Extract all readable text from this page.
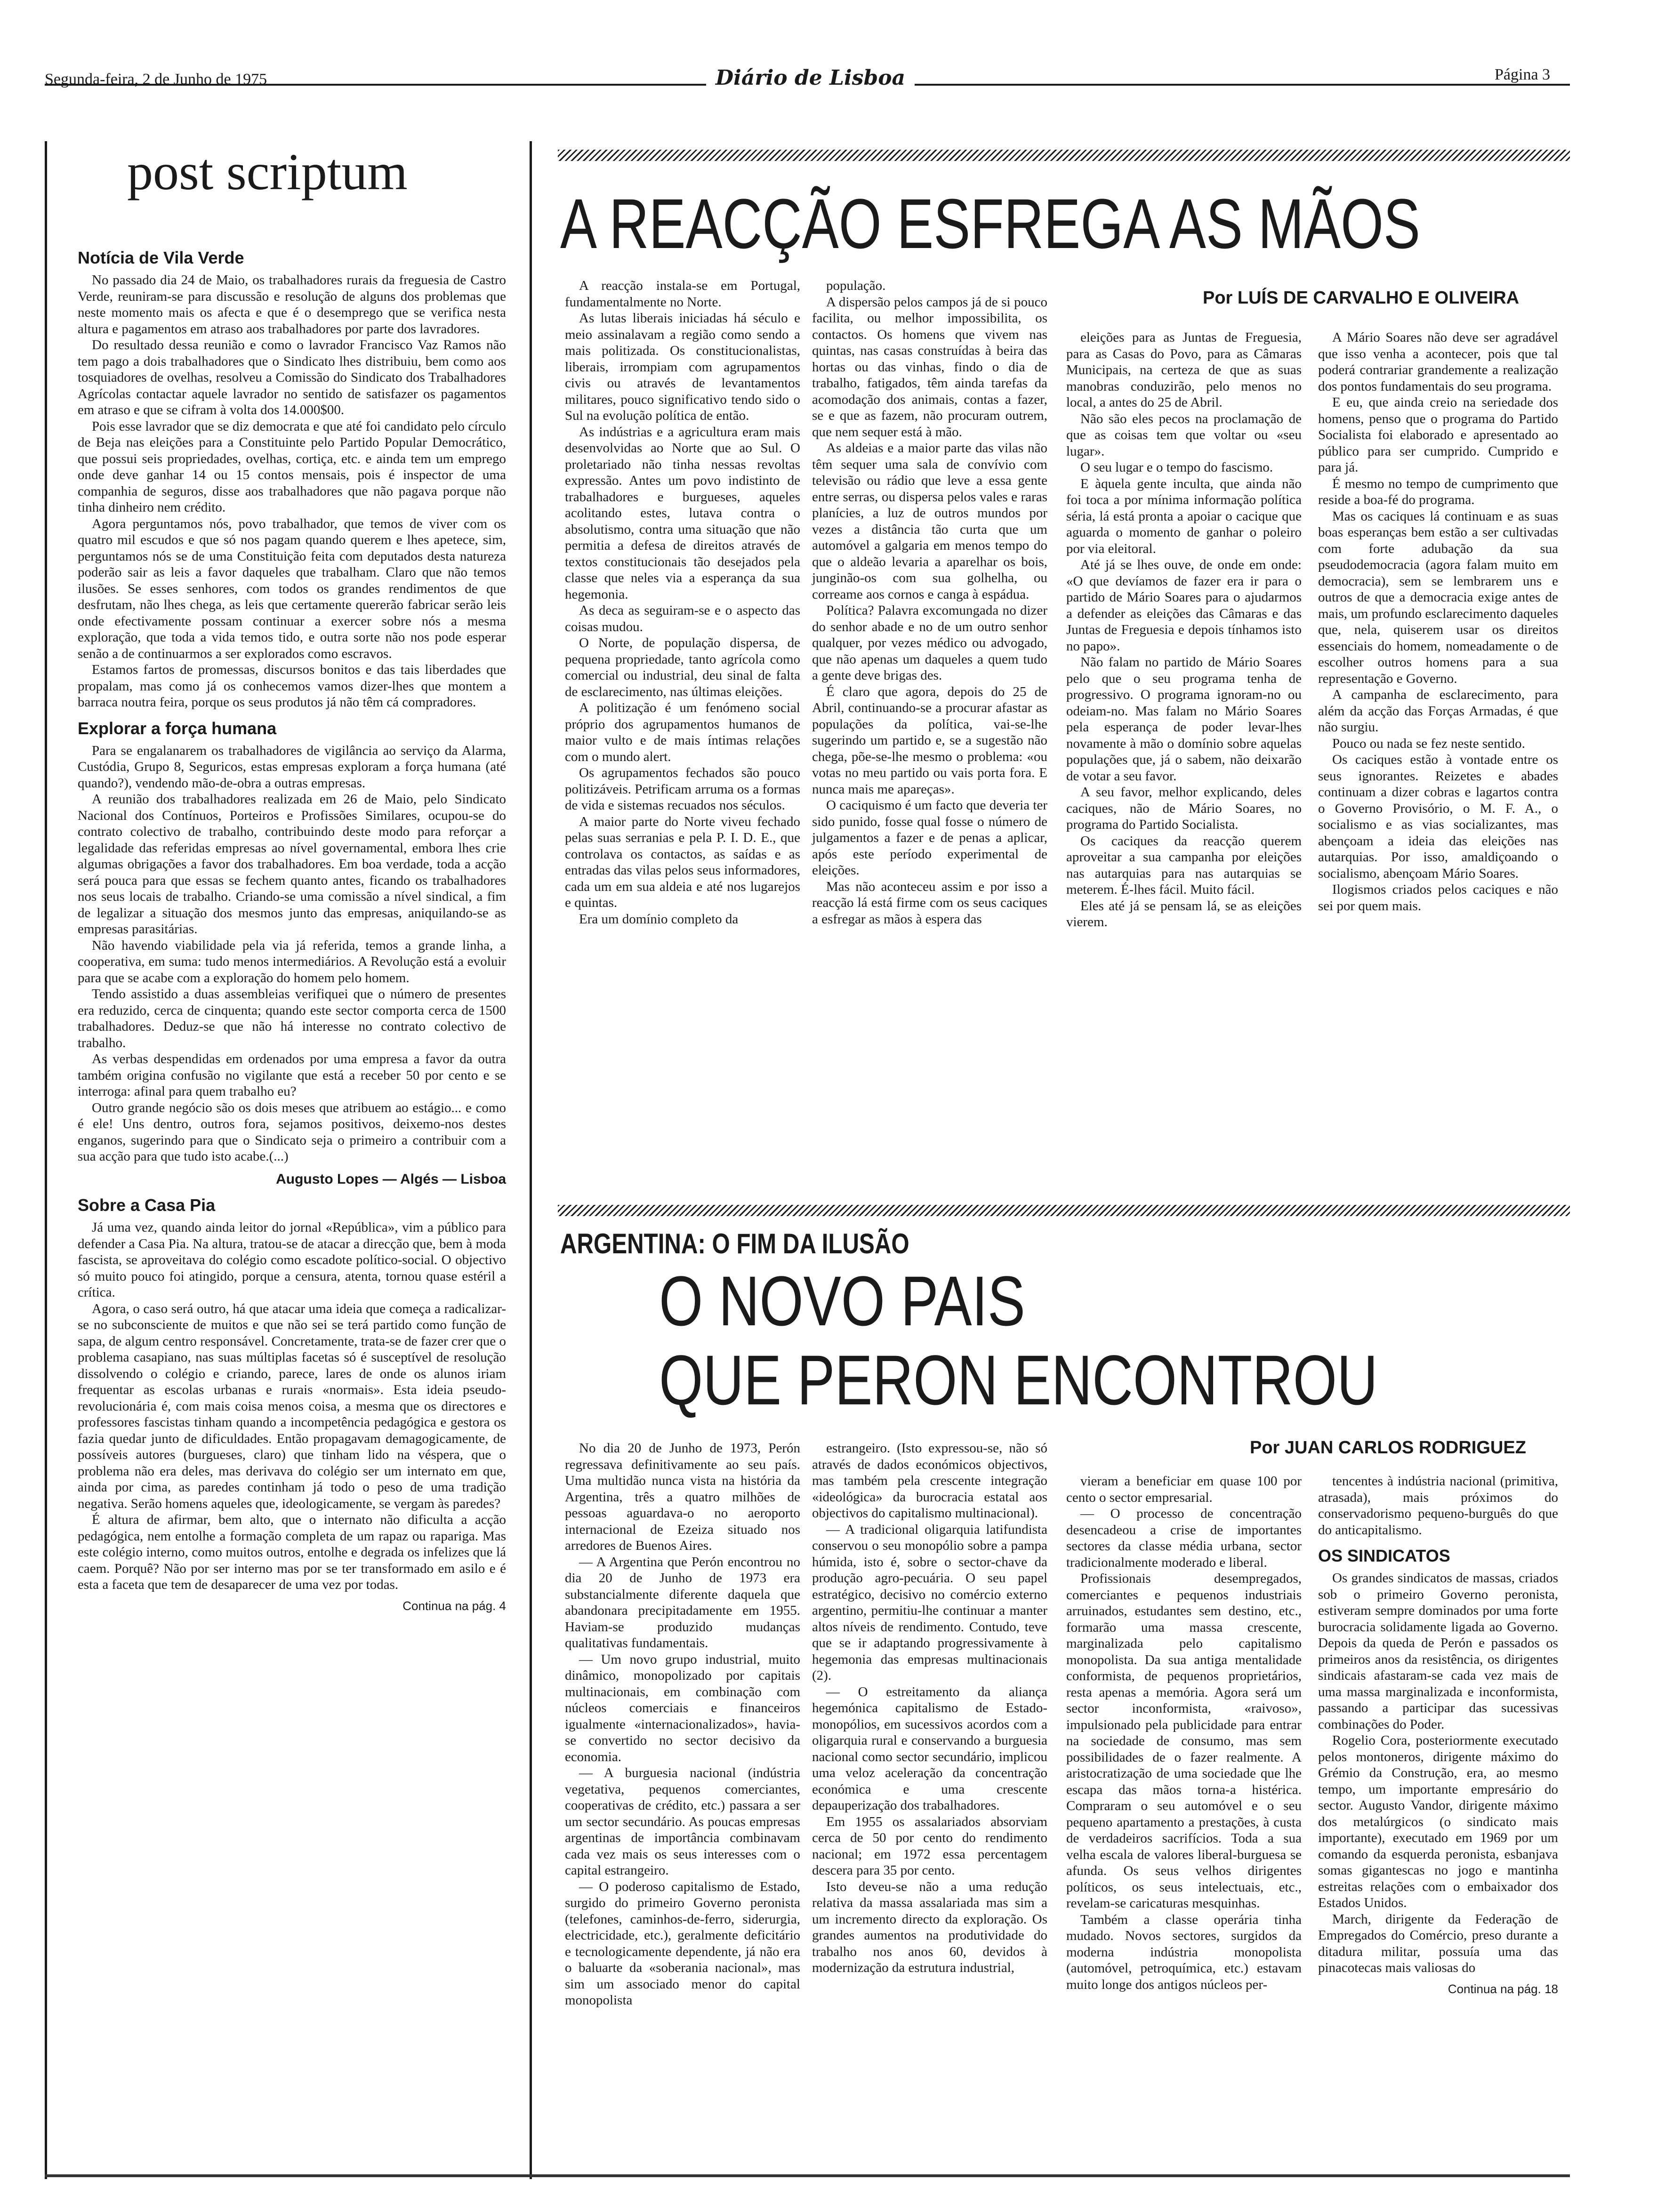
Segunda-feira, 2 de Junho de 1975	Diário de Lisboa	Página 3
post scriptum
Notícia de Vila Verde

No passado dia 24 de Maio, os trabalhadores rurais da freguesia de Castro Verde, reuniram-se para discussão e resolução de alguns dos problemas que neste momento mais os afecta e que é o desemprego que se verifica nesta altura e pagamentos em atraso aos trabalhadores por parte dos lavradores.

Do resultado dessa reunião e como o lavrador Francisco Vaz Ramos não tem pago a dois trabalhadores que o Sindicato lhes distribuiu, bem como aos tosquiadores de ovelhas, resolveu a Comissão do Sindicato dos Trabalhadores Agrícolas contactar aquele lavrador no sentido de satisfazer os pagamentos em atraso e que se cifram à volta dos 14.000$00.

Pois esse lavrador que se diz democrata e que até foi candidato pelo círculo de Beja nas eleições para a Constituinte pelo Partido Popular Democrático, que possui seis propriedades, ovelhas, cortiça, etc. e ainda tem um emprego onde deve ganhar 14 ou 15 contos mensais, pois é inspector de uma companhia de seguros, disse aos trabalhadores que não pagava porque não tinha dinheiro nem crédito.

Agora perguntamos nós, povo trabalhador, que temos de viver com os quatro mil escudos e que só nos pagam quando querem e lhes apetece, sim, perguntamos nós se de uma Constituição feita com deputados desta natureza poderão sair as leis a favor daqueles que trabalham. Claro que não temos ilusões. Se esses senhores, com todos os grandes rendimentos de que desfrutam, não lhes chega, as leis que certamente quererão fabricar serão leis onde efectivamente possam continuar a exercer sobre nós a mesma exploração, que toda a vida temos tido, e outra sorte não nos pode esperar senão a de continuarmos a ser explorados como escravos.

Estamos fartos de promessas, discursos bonitos e das tais liberdades que propalam, mas como já os conhecemos vamos dizer-lhes que montem a barraca noutra feira, porque os seus produtos já não têm cá compradores.

Explorar a força humana

Para se engalanarem os trabalhadores de vigilância ao serviço da Alarma, Custódia, Grupo 8, Seguricos, estas empresas exploram a força humana (até quando?), vendendo mão-de-obra a outras empresas.

A reunião dos trabalhadores realizada em 26 de Maio, pelo Sindicato Nacional dos Contínuos, Porteiros e Profissões Similares, ocupou-se do contrato colectivo de trabalho, contribuindo deste modo para reforçar a legalidade das referidas empresas ao nível governamental, embora lhes crie algumas obrigações a favor dos trabalhadores. Em boa verdade, toda a acção será pouca para que essas se fechem quanto antes, ficando os trabalhadores nos seus locais de trabalho. Criando-se uma comissão a nível sindical, a fim de legalizar a situação dos mesmos junto das empresas, aniquilando-se as empresas parasitárias.

Não havendo viabilidade pela via já referida, temos a grande linha, a cooperativa, em suma: tudo menos intermediários. A Revolução está a evoluir para que se acabe com a exploração do homem pelo homem.

Tendo assistido a duas assembleias verifiquei que o número de presentes era reduzido, cerca de cinquenta; quando este sector comporta cerca de 1500 trabalhadores. Deduz-se que não há interesse no contrato colectivo de trabalho.

As verbas despendidas em ordenados por uma empresa a favor da outra também origina confusão no vigilante que está a receber 50 por cento e se interroga: afinal para quem trabalho eu?

Outro grande negócio são os dois meses que atribuem ao estágio... e como é ele! Uns dentro, outros fora, sejamos positivos, deixemo-nos destes enganos, sugerindo para que o Sindicato seja o primeiro a contribuir com a sua acção para que tudo isto acabe.(...)

Augusto Lopes — Algés — Lisboa
Sobre a Casa Pia

Já uma vez, quando ainda leitor do jornal «República», vim a público para defender a Casa Pia. Na altura, tratou-se de atacar a direcção que, bem à moda fascista, se aproveitava do colégio como escadote político-social. O objectivo só muito pouco foi atingido, porque a censura, atenta, tornou quase estéril a crítica.

Agora, o caso será outro, há que atacar uma ideia que começa a radicalizar-se no subconsciente de muitos e que não sei se terá partido como função de sapa, de algum centro responsável. Concretamente, trata-se de fazer crer que o problema casapiano, nas suas múltiplas facetas só é susceptível de resolução dissolvendo o colégio e criando, parece, lares de onde os alunos iriam frequentar as escolas urbanas e rurais «normais». Esta ideia pseudo-revolucionária é, com mais coisa menos coisa, a mesma que os directores e professores fascistas tinham quando a incompetência pedagógica e gestora os fazia quedar junto de dificuldades. Então propagavam demagogicamente, de possíveis autores (burgueses, claro) que tinham lido na véspera, que o problema não era deles, mas derivava do colégio ser um internato em que, ainda por cima, as paredes continham já todo o peso de uma tradição negativa. Serão homens aqueles que, ideologicamente, se vergam às paredes?

É altura de afirmar, bem alto, que o internato não dificulta a acção pedagógica, nem entolhe a formação completa de um rapaz ou rapariga. Mas este colégio interno, como muitos outros, entolhe e degrada os infelizes que lá caem. Porquê? Não por ser interno mas por se ter transformado em asilo e é esta a faceta que tem de desaparecer de uma vez por todas.

Continua na pág. 4
A REACÇÃO ESFREGA AS MÃOS
Por LUÍS DE CARVALHO E OLIVEIRA

A reacção instala-se em Portugal, fundamentalmente no Norte.

As lutas liberais iniciadas há século e meio assinalavam a região como sendo a mais politizada. Os constitucionalistas, liberais, irrompiam com agrupamentos civis ou através de levantamentos militares, pouco significativo tendo sido o Sul na evolução política de então.

As indústrias e a agricultura eram mais desenvolvidas ao Norte que ao Sul. O proletariado não tinha nessas revoltas expressão. Antes um povo indistinto de trabalhadores e burgueses, aqueles acolitando estes, lutava contra o absolutismo, contra uma situação que não permitia a defesa de direitos através de textos constitucionais tão desejados pela classe que neles via a esperança da sua hegemonia.

As deca as seguiram-se e o aspecto das coisas mudou.

O Norte, de população dispersa, de pequena propriedade, tanto agrícola como comercial ou industrial, deu sinal de falta de esclarecimento, nas últimas eleições.

A politização é um fenómeno social próprio dos agrupamentos humanos de maior vulto e de mais íntimas relações com o mundo alert.

Os agrupamentos fechados são pouco politizáveis. Petrificam arruma os a formas de vida e sistemas recuados nos séculos.

A maior parte do Norte viveu fechado pelas suas serranias e pela P. I. D. E., que controlava os contactos, as saídas e as entradas das vilas pelos seus informadores, cada um em sua aldeia e até nos lugarejos e quintas.

Era um domínio completo da

população.

A dispersão pelos campos já de si pouco facilita, ou melhor impossibilita, os contactos. Os homens que vivem nas quintas, nas casas construídas à beira das hortas ou das vinhas, findo o dia de trabalho, fatigados, têm ainda tarefas da acomodação dos animais, contas a fazer, se e que as fazem, não procuram outrem, que nem sequer está à mão.

As aldeias e a maior parte das vilas não têm sequer uma sala de convívio com televisão ou rádio que leve a essa gente entre serras, ou dispersa pelos vales e raras planícies, a luz de outros mundos por vezes a distância tão curta que um automóvel a galgaria em menos tempo do que o aldeão levaria a aparelhar os bois, junginão-os com sua golhelha, ou correame aos cornos e canga à espádua.

Política? Palavra excomungada no dizer do senhor abade e no de um outro senhor qualquer, por vezes médico ou advogado, que não apenas um daqueles a quem tudo a gente deve brigas des.

É claro que agora, depois do 25 de Abril, continuando-se a procurar afastar as populações da política, vai-se-lhe sugerindo um partido e, se a sugestão não chega, põe-se-lhe mesmo o problema: «ou votas no meu partido ou vais porta fora. E nunca mais me apareças».

O caciquismo é um facto que deveria ter sido punido, fosse qual fosse o número de julgamentos a fazer e de penas a aplicar, após este período experimental de eleições.

Mas não aconteceu assim e por isso a reacção lá está firme com os seus caciques a esfregar as mãos à espera das

eleições para as Juntas de Freguesia, para as Casas do Povo, para as Câmaras Municipais, na certeza de que as suas manobras conduzirão, pelo menos no local, a antes do 25 de Abril.

Não são eles pecos na proclamação de que as coisas tem que voltar ou «seu lugar».

O seu lugar e o tempo do fascismo.

E àquela gente inculta, que ainda não foi toca a por mínima informação política séria, lá está pronta a apoiar o cacique que aguarda o momento de ganhar o poleiro por via eleitoral.

Até já se lhes ouve, de onde em onde: «O que devíamos de fazer era ir para o partido de Mário Soares para o ajudarmos a defender as eleições das Câmaras e das Juntas de Freguesia e depois tínhamos isto no papo».

Não falam no partido de Mário Soares pelo que o seu programa tenha de progressivo. O programa ignoram-no ou odeiam-no. Mas falam no Mário Soares pela esperança de poder levar-lhes novamente à mão o domínio sobre aquelas populações que, já o sabem, não deixarão de votar a seu favor.

A seu favor, melhor explicando, deles caciques, não de Mário Soares, no programa do Partido Socialista.

Os caciques da reacção querem aproveitar a sua campanha por eleições nas autarquias para nas autarquias se meterem. É-lhes fácil. Muito fácil.

Eles até já se pensam lá, se as eleições vierem.

A Mário Soares não deve ser agradável que isso venha a acontecer, pois que tal poderá contrariar grandemente a realização dos pontos fundamentais do seu programa.

E eu, que ainda creio na seriedade dos homens, penso que o programa do Partido Socialista foi elaborado e apresentado ao público para ser cumprido. Cumprido e para já.

É mesmo no tempo de cumprimento que reside a boa-fé do programa.

Mas os caciques lá continuam e as suas boas esperanças bem estão a ser cultivadas com forte adubação da sua pseudodemocracia (agora falam muito em democracia), sem se lembrarem uns e outros de que a democracia exige antes de mais, um profundo esclarecimento daqueles que, nela, quiserem usar os direitos essenciais do homem, nomeadamente o de escolher outros homens para a sua representação e Governo.

A campanha de esclarecimento, para além da acção das Forças Armadas, é que não surgiu.

Pouco ou nada se fez neste sentido.

Os caciques estão à vontade entre os seus ignorantes. Reizetes e abades continuam a dizer cobras e lagartos contra o Governo Provisório, o M. F. A., o socialismo e as vias socializantes, mas abençoam a ideia das eleições nas autarquias. Por isso, amaldiçoando o socialismo, abençoam Mário Soares.

Ilogismos criados pelos caciques e não sei por quem mais.

ARGENTINA: O FIM DA ILUSÃO
O NOVO PAIS
QUE PERON ENCONTROU
Por JUAN CARLOS RODRIGUEZ

No dia 20 de Junho de 1973, Perón regressava definitivamente ao seu país. Uma multidão nunca vista na história da Argentina, três a quatro milhões de pessoas aguardava-o no aeroporto internacional de Ezeiza situado nos arredores de Buenos Aires.

— A Argentina que Perón encontrou no dia 20 de Junho de 1973 era substancialmente diferente daquela que abandonara precipitadamente em 1955. Haviam-se produzido mudanças qualitativas fundamentais.

— Um novo grupo industrial, muito dinâmico, monopolizado por capitais multinacionais, em combinação com núcleos comerciais e financeiros igualmente «internacionalizados», havia-se convertido no sector decisivo da economia.

— A burguesia nacional (indústria vegetativa, pequenos comerciantes, cooperativas de crédito, etc.) passara a ser um sector secundário. As poucas empresas argentinas de importância combinavam cada vez mais os seus interesses com o capital estrangeiro.

— O poderoso capitalismo de Estado, surgido do primeiro Governo peronista (telefones, caminhos-de-ferro, siderurgia, electricidade, etc.), geralmente deficitário e tecnologicamente dependente, já não era o baluarte da «soberania nacional», mas sim um associado menor do capital monopolista

estrangeiro. (Isto expressou-se, não só através de dados económicos objectivos, mas também pela crescente integração «ideológica» da burocracia estatal aos objectivos do capitalismo multinacional).

— A tradicional oligarquia latifundista conservou o seu monopólio sobre a pampa húmida, isto é, sobre o sector-chave da produção agro-pecuária. O seu papel estratégico, decisivo no comércio externo argentino, permitiu-lhe continuar a manter altos níveis de rendimento. Contudo, teve que se ir adaptando progressivamente à hegemonia das empresas multinacionais (2).

— O estreitamento da aliança hegemónica capitalismo de Estado-monopólios, em sucessivos acordos com a oligarquia rural e conservando a burguesia nacional como sector secundário, implicou uma veloz aceleração da concentração económica e uma crescente depauperização dos trabalhadores.

Em 1955 os assalariados absorviam cerca de 50 por cento do rendimento nacional; em 1972 essa percentagem descera para 35 por cento.

Isto deveu-se não a uma redução relativa da massa assalariada mas sim a um incremento directo da exploração. Os grandes aumentos na produtividade do trabalho nos anos 60, devidos à modernização da estrutura industrial,

vieram a beneficiar em quase 100 por cento o sector empresarial.

— O processo de concentração desencadeou a crise de importantes sectores da classe média urbana, sector tradicionalmente moderado e liberal.

Profissionais desempregados, comerciantes e pequenos industriais arruinados, estudantes sem destino, etc., formarão uma massa crescente, marginalizada pelo capitalismo monopolista. Da sua antiga mentalidade conformista, de pequenos proprietários, resta apenas a memória. Agora será um sector inconformista, «raivoso», impulsionado pela publicidade para entrar na sociedade de consumo, mas sem possibilidades de o fazer realmente. A aristocratização de uma sociedade que lhe escapa das mãos torna-a histérica. Compraram o seu automóvel e o seu pequeno apartamento a prestações, à custa de verdadeiros sacrifícios. Toda a sua velha escala de valores liberal-burguesa se afunda. Os seus velhos dirigentes políticos, os seus intelectuais, etc., revelam-se caricaturas mesquinhas.

Também a classe operária tinha mudado. Novos sectores, surgidos da moderna indústria monopolista (automóvel, petroquímica, etc.) estavam muito longe dos antigos núcleos per-

tencentes à indústria nacional (primitiva, atrasada), mais próximos do conservadorismo pequeno-burguês do que do anticapitalismo.

OS SINDICATOS

Os grandes sindicatos de massas, criados sob o primeiro Governo peronista, estiveram sempre dominados por uma forte burocracia solidamente ligada ao Governo. Depois da queda de Perón e passados os primeiros anos da resistência, os dirigentes sindicais afastaram-se cada vez mais de uma massa marginalizada e inconformista, passando a participar das sucessivas combinações do Poder.

Rogelio Cora, posteriormente executado pelos montoneros, dirigente máximo do Grémio da Construção, era, ao mesmo tempo, um importante empresário do sector. Augusto Vandor, dirigente máximo dos metalúrgicos (o sindicato mais importante), executado em 1969 por um comando da esquerda peronista, esbanjava somas gigantescas no jogo e mantinha estreitas relações com o embaixador dos Estados Unidos.

March, dirigente da Federação de Empregados do Comércio, preso durante a ditadura militar, possuía uma das pinacotecas mais valiosas do

Continua na pág. 18
